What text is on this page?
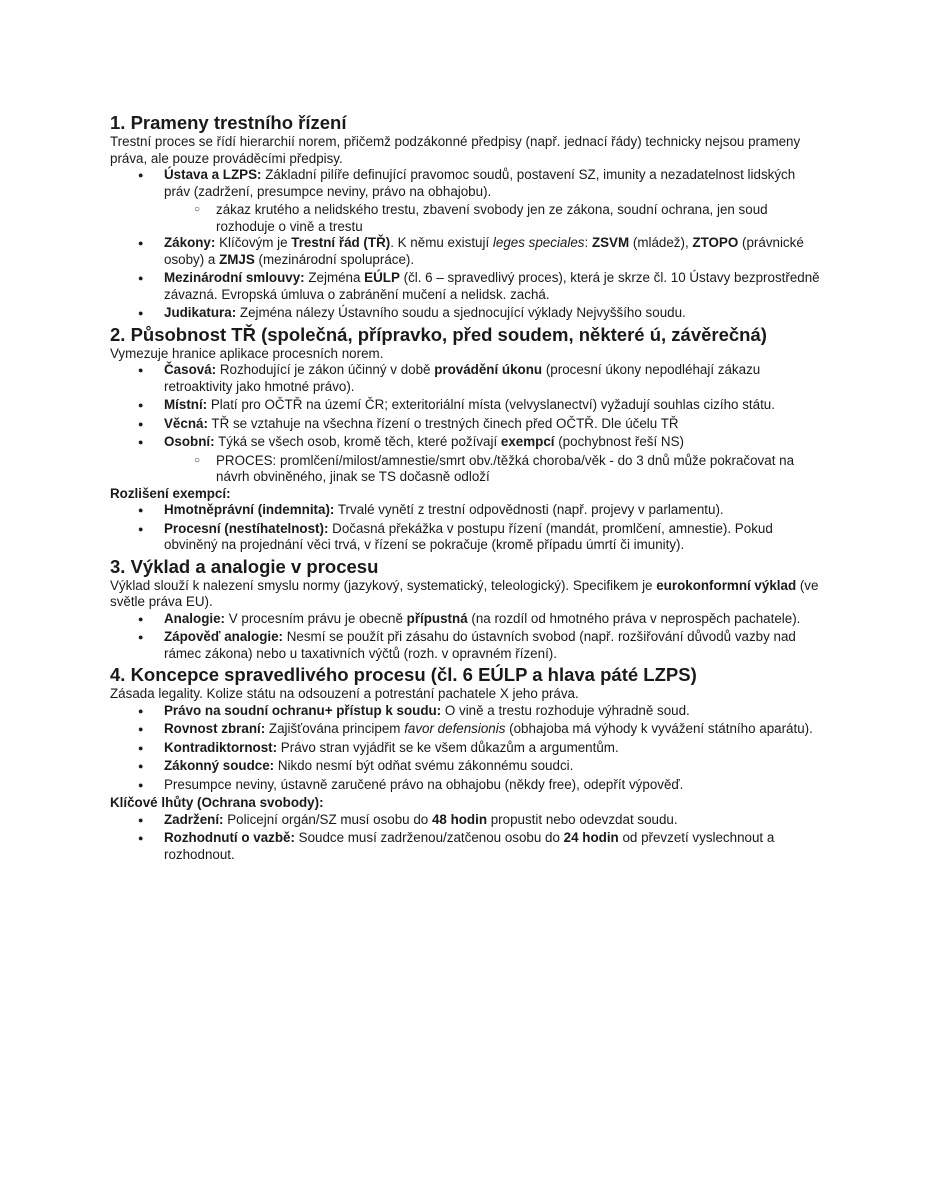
1. Prameny trestního řízení

Trestní proces se řídí hierarchií norem, přičemž podzákonné předpisy (např. jednací řády) technicky nejsou prameny práva, ale pouze prováděcími předpisy.

● Ústava a LZPS: Základní pilíře definující pravomoc soudů, postavení SZ, imunity a nezadatelnost lidských práv (zadržení, presumpce neviny, právo na obhajobu).
○ zákaz krutého a nelidského trestu, zbavení svobody jen ze zákona, soudní ochrana, jen soud rozhoduje o vině a trestu
● Zákony: Klíčovým je Trestní řád (TŘ). K němu existují leges speciales: ZSVM (mládež), ZTOPO (právnické osoby) a ZMJS (mezinárodní spolupráce).
● Mezinárodní smlouvy: Zejména EÚLP (čl. 6 – spravedlivý proces), která je skrze čl. 10 Ústavy bezprostředně závazná. Evropská úmluva o zabránění mučení a nelidsk. zachá.
● Judikatura: Zejména nálezy Ústavního soudu a sjednocující výklady Nejvyššího soudu.
2. Působnost TŘ (společná, přípravko, před soudem, některé ú, závěrečná)

Vymezuje hranice aplikace procesních norem.

● Časová: Rozhodující je zákon účinný v době provádění úkonu (procesní úkony nepodléhají zákazu retroaktivity jako hmotné právo).
● Místní: Platí pro OČTŘ na území ČR; exteritoriální místa (velvyslanectví) vyžadují souhlas cizího státu.
● Věcná: TŘ se vztahuje na všechna řízení o trestných činech před OČTŘ. Dle účelu TŘ
● Osobní: Týká se všech osob, kromě těch, které požívají exempcí (pochybnost řeší NS)
○ PROCES: promlčení/milost/amnestie/smrt obv./těžká choroba/věk - do 3 dnů může pokračovat na návrh obviněného, jinak se TS dočasně odloží

Rozlišení exempcí:

● Hmotněprávní (indemnita): Trvalé vynětí z trestní odpovědnosti (např. projevy v parlamentu).
● Procesní (nestíhatelnost): Dočasná překážka v postupu řízení (mandát, promlčení, amnestie). Pokud obviněný na projednání věci trvá, v řízení se pokračuje (kromě případu úmrtí či imunity).
3. Výklad a analogie v procesu

Výklad slouží k nalezení smyslu normy (jazykový, systematický, teleologický). Specifikem je eurokonformní výklad (ve světle práva EU).

● Analogie: V procesním právu je obecně přípustná (na rozdíl od hmotného práva v neprospěch pachatele).
● Zápověď analogie: Nesmí se použít při zásahu do ústavních svobod (např. rozšiřování důvodů vazby nad rámec zákona) nebo u taxativních výčtů (rozh. v opravném řízení).
4. Koncepce spravedlivého procesu (čl. 6 EÚLP a hlava páté LZPS)

Zásada legality. Kolize státu na odsouzení a potrestání pachatele X jeho práva.

● Právo na soudní ochranu+ přístup k soudu: O vině a trestu rozhoduje výhradně soud.
● Rovnost zbraní: Zajišťována principem favor defensionis (obhajoba má výhody k vyvážení státního aparátu).
● Kontradiktornost: Právo stran vyjádřit se ke všem důkazům a argumentům.
● Zákonný soudce: Nikdo nesmí být odňat svému zákonnému soudci.
● Presumpce neviny, ústavně zaručené právo na obhajobu (někdy free), odepřít výpověď.

Klíčové lhůty (Ochrana svobody):

● Zadržení: Policejní orgán/SZ musí osobu do 48 hodin propustit nebo odevzdat soudu.
● Rozhodnutí o vazbě: Soudce musí zadrženou/zatčenou osobu do 24 hodin od převzetí vyslechnout a rozhodnout.
